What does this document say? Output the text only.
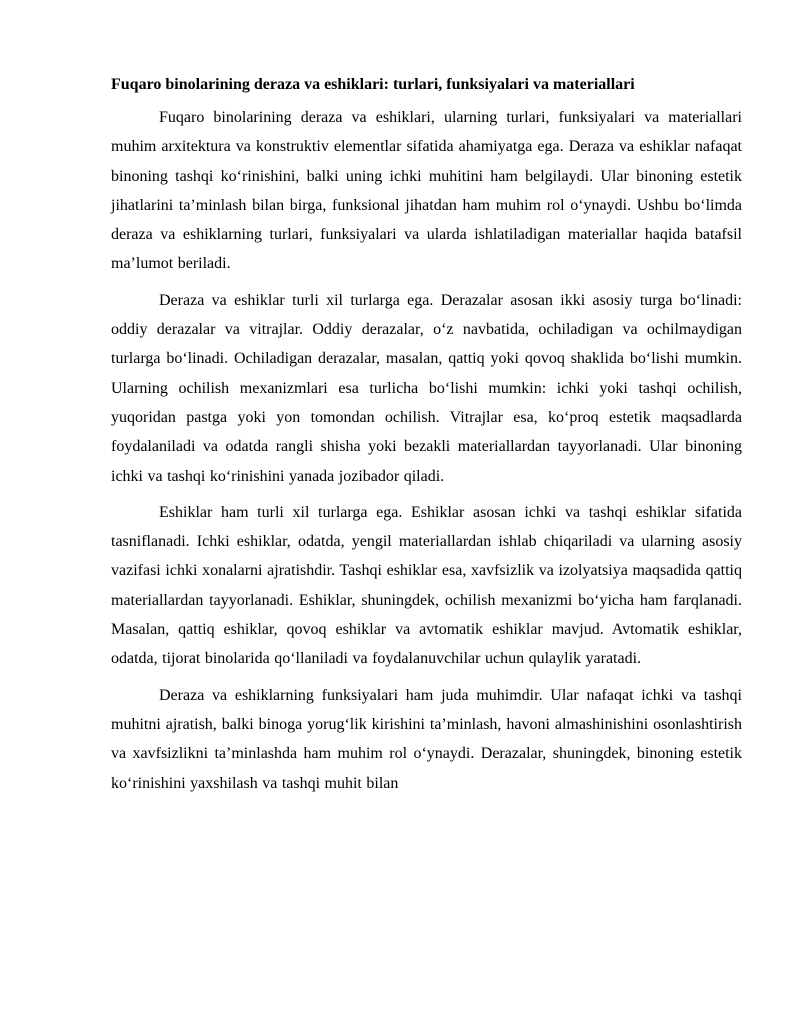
Fuqaro binolarining deraza va eshiklari: turlari, funksiyalari va materiallari

Fuqaro binolarining deraza va eshiklari, ularning turlari, funksiyalari va materiallari muhim arxitektura va konstruktiv elementlar sifatida ahamiyatga ega. Deraza va eshiklar nafaqat binoning tashqi ko‘rinishini, balki uning ichki muhitini ham belgilaydi. Ular binoning estetik jihatlarini ta’minlash bilan birga, funksional jihatdan ham muhim rol o‘ynaydi. Ushbu bo‘limda deraza va eshiklarning turlari, funksiyalari va ularda ishlatiladigan materiallar haqida batafsil ma’lumot beriladi.

Deraza va eshiklar turli xil turlarga ega. Derazalar asosan ikki asosiy turga bo‘linadi: oddiy derazalar va vitrajlar. Oddiy derazalar, o‘z navbatida, ochiladigan va ochilmaydigan turlarga bo‘linadi. Ochiladigan derazalar, masalan, qattiq yoki qovoq shaklida bo‘lishi mumkin. Ularning ochilish mexanizmlari esa turlicha bo‘lishi mumkin: ichki yoki tashqi ochilish, yuqoridan pastga yoki yon tomondan ochilish. Vitrajlar esa, ko‘proq estetik maqsadlarda foydalaniladi va odatda rangli shisha yoki bezakli materiallardan tayyorlanadi. Ular binoning ichki va tashqi ko‘rinishini yanada jozibador qiladi.

Eshiklar ham turli xil turlarga ega. Eshiklar asosan ichki va tashqi eshiklar sifatida tasniflanadi. Ichki eshiklar, odatda, yengil materiallardan ishlab chiqariladi va ularning asosiy vazifasi ichki xonalarni ajratishdir. Tashqi eshiklar esa, xavfsizlik va izolyatsiya maqsadida qattiq materiallardan tayyorlanadi. Eshiklar, shuningdek, ochilish mexanizmi bo‘yicha ham farqlanadi. Masalan, qattiq eshiklar, qovoq eshiklar va avtomatik eshiklar mavjud. Avtomatik eshiklar, odatda, tijorat binolarida qo‘llaniladi va foydalanuvchilar uchun qulaylik yaratadi.

Deraza va eshiklarning funksiyalari ham juda muhimdir. Ular nafaqat ichki va tashqi muhitni ajratish, balki binoga yorug‘lik kirishini ta’minlash, havoni almashinishini osonlashtirish va xavfsizlikni ta’minlashda ham muhim rol o‘ynaydi. Derazalar, shuningdek, binoning estetik ko‘rinishini yaxshilash va tashqi muhit bilan
